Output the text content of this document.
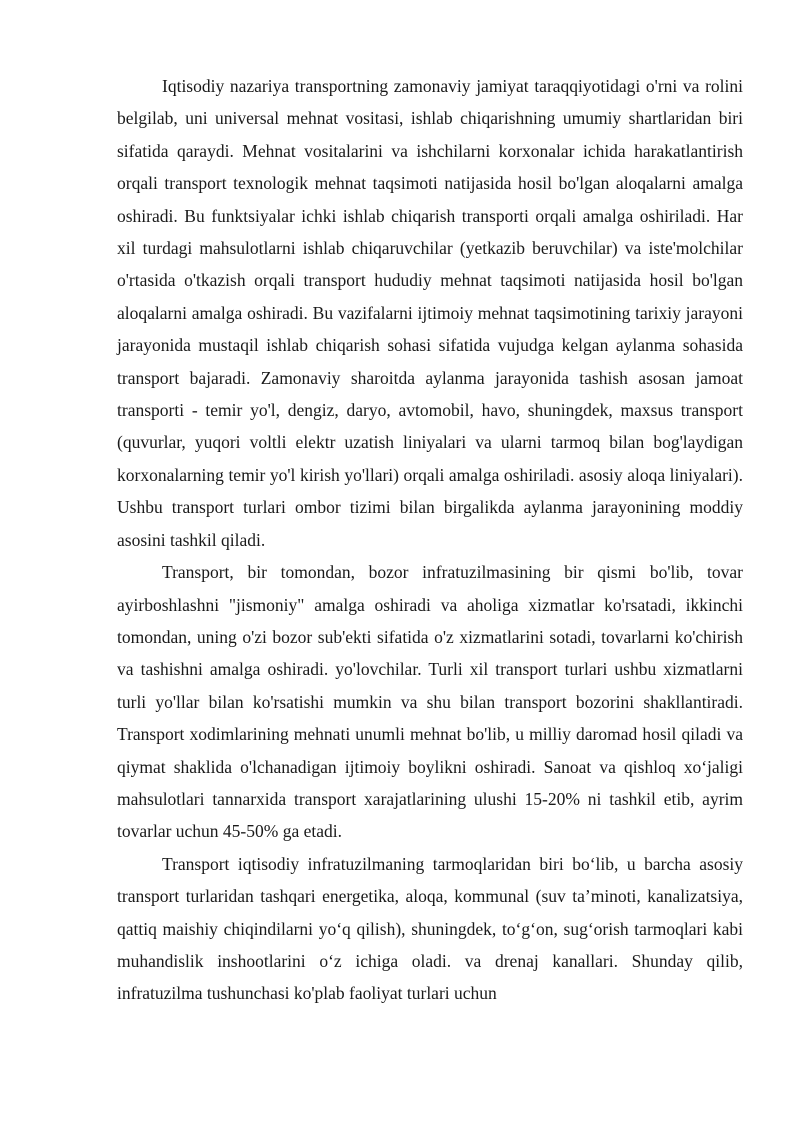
Iqtisodiy nazariya transportning zamonaviy jamiyat taraqqiyotidagi o'rni va rolini belgilab, uni universal mehnat vositasi, ishlab chiqarishning umumiy shartlaridan biri sifatida qaraydi. Mehnat vositalarini va ishchilarni korxonalar ichida harakatlantirish orqali transport texnologik mehnat taqsimoti natijasida hosil bo'lgan aloqalarni amalga oshiradi. Bu funktsiyalar ichki ishlab chiqarish transporti orqali amalga oshiriladi. Har xil turdagi mahsulotlarni ishlab chiqaruvchilar (yetkazib beruvchilar) va iste'molchilar o'rtasida o'tkazish orqali transport hududiy mehnat taqsimoti natijasida hosil bo'lgan aloqalarni amalga oshiradi. Bu vazifalarni ijtimoiy mehnat taqsimotining tarixiy jarayoni jarayonida mustaqil ishlab chiqarish sohasi sifatida vujudga kelgan aylanma sohasida transport bajaradi. Zamonaviy sharoitda aylanma jarayonida tashish asosan jamoat transporti - temir yo'l, dengiz, daryo, avtomobil, havo, shuningdek, maxsus transport (quvurlar, yuqori voltli elektr uzatish liniyalari va ularni tarmoq bilan bog'laydigan korxonalarning temir yo'l kirish yo'llari) orqali amalga oshiriladi. asosiy aloqa liniyalari). Ushbu transport turlari ombor tizimi bilan birgalikda aylanma jarayonining moddiy asosini tashkil qiladi.

Transport, bir tomondan, bozor infratuzilmasining bir qismi bo'lib, tovar ayirboshlashni "jismoniy" amalga oshiradi va aholiga xizmatlar ko'rsatadi, ikkinchi tomondan, uning o'zi bozor sub'ekti sifatida o'z xizmatlarini sotadi, tovarlarni ko'chirish va tashishni amalga oshiradi. yo'lovchilar. Turli xil transport turlari ushbu xizmatlarni turli yo'llar bilan ko'rsatishi mumkin va shu bilan transport bozorini shakllantiradi. Transport xodimlarining mehnati unumli mehnat bo'lib, u milliy daromad hosil qiladi va qiymat shaklida o'lchanadigan ijtimoiy boylikni oshiradi. Sanoat va qishloq xo‘jaligi mahsulotlari tannarxida transport xarajatlarining ulushi 15-20% ni tashkil etib, ayrim tovarlar uchun 45-50% ga etadi.

Transport iqtisodiy infratuzilmaning tarmoqlaridan biri bo‘lib, u barcha asosiy transport turlaridan tashqari energetika, aloqa, kommunal (suv ta’minoti, kanalizatsiya, qattiq maishiy chiqindilarni yo‘q qilish), shuningdek, to‘g‘on, sug‘orish tarmoqlari kabi muhandislik inshootlarini o‘z ichiga oladi. va drenaj kanallari. Shunday qilib, infratuzilma tushunchasi ko'plab faoliyat turlari uchun
